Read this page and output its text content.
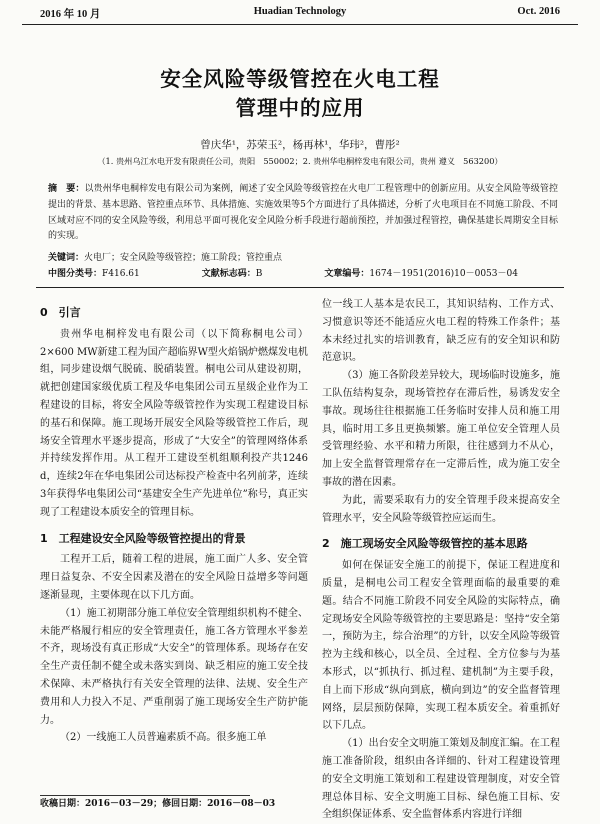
2016 年 10 月	Huadian Technology	Oct. 2016
安全风险等级管控在火电工程
管理中的应用
曾庆华¹，苏荣玉²，杨再林¹，华玮²，曹彤²
（1. 贵州乌江水电开发有限责任公司，贵阳　550002；2. 贵州华电桐梓发电有限公司，贵州 遵义　563200）
摘　要：以贵州华电桐梓发电有限公司为案例，阐述了安全风险等级管控在火电厂工程管理中的创新应用。从安全风险等级管控提出的背景、基本思路、管控重点环节、具体措施、实施效果等5个方面进行了具体描述，分析了火电项目在不同施工阶段、不同区域对应不同的安全风险等级，利用总平面可视化安全风险分析手段进行超前预控，并加强过程管控，确保基建长周期安全目标的实现。
关键词：火电厂；安全风险等级管控；施工阶段；管控重点
中图分类号：F416.61	文献标志码：B	文章编号：1674－1951(2016)10－0053－04
0　引言

贵州华电桐梓发电有限公司（以下简称桐电公司）2×600 MW新建工程为国产超临界W型火焰锅炉燃煤发电机组，同步建设烟气脱硫、脱硝装置。桐电公司从建设初期，就把创建国家级优质工程及华电集团公司五星级企业作为工程建设的目标，将安全风险等级管控作为实现工程建设目标的基石和保障。施工现场开展安全风险等级管控工作后，现场安全管理水平逐步提高，形成了“大安全”的管理网络体系并持续发挥作用。从工程开工建设至机组顺利投产共1246 d，连续2年在华电集团公司达标投产检查中名列前茅，连续3年获得华电集团公司“基建安全生产先进单位”称号，真正实现了工程建设本质安全的管理目标。

1　工程建设安全风险等级管控提出的背景

工程开工后，随着工程的进展，施工面广人多、安全管理日益复杂、不安全因素及潜在的安全风险日益增多等问题逐渐显现，主要体现在以下几方面。

（1）施工初期部分施工单位安全管理组织机构不健全、未能严格履行相应的安全管理责任，施工各方管理水平参差不齐，现场没有真正形成“大安全”的管理体系。现场存在安全生产责任制不健全或未落实到岗、缺乏相应的施工安全技术保障、未严格执行有关安全管理的法律、法规、安全生产费用和人力投入不足、严重削弱了施工现场安全生产防护能力。

（2）一线施工人员普遍素质不高。很多施工单

位一线工人基本是农民工，其知识结构、工作方式、习惯意识等还不能适应火电工程的特殊工作条件；基本未经过扎实的培训教育，缺乏应有的安全知识和防范意识。

（3）施工各阶段差异较大，现场临时设施多，施工队伍结构复杂，现场管控存在滞后性，易诱发安全事故。现场往往根据施工任务临时安排人员和施工用具，临时用工多且更换频繁。施工单位安全管理人员受管理经验、水平和精力所限，往往感到力不从心，加上安全监督管理常存在一定滞后性，成为施工安全事故的潜在因素。

为此，需要采取有力的安全管理手段来提高安全管理水平，安全风险等级管控应运而生。

2　施工现场安全风险等级管控的基本思路

如何在保证安全施工的前提下，保证工程进度和质量，是桐电公司工程安全管理面临的最重要的难题。结合不同施工阶段不同安全风险的实际特点，确定现场安全风险等级管控的主要思路是：坚持“安全第一，预防为主，综合治理”的方针，以安全风险等级管控为主线和核心，以全员、全过程、全方位参与为基本形式，以“抓执行、抓过程、建机制”为主要手段，自上而下形成“纵向到底，横向到边”的安全监督管理网络，层层预防保障，实现工程本质安全。着重抓好以下几点。

（1）出台安全文明施工策划及制度汇编。在工程施工准备阶段，组织由各详细的、针对工程建设管理的安全文明施工策划和工程建设管理制度，对安全管理总体目标、安全文明施工目标、绿色施工目标、安全组织保证体系、安全监督体系内容进行详细

收稿日期：2016－03－29；修回日期：2016－08－03
